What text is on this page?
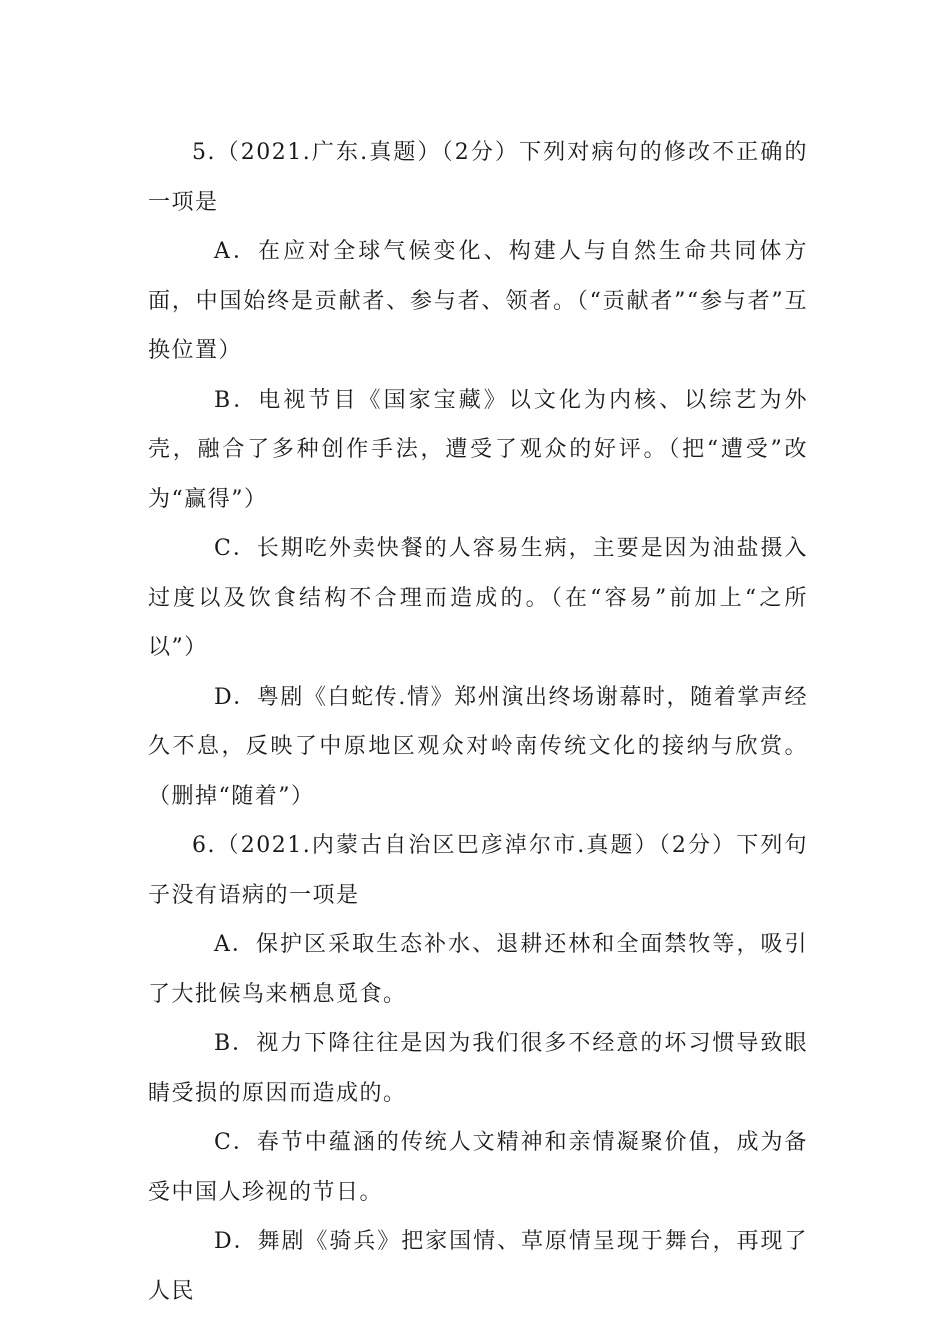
5.（2021.广东.真题）（2分）下列对病句的修改不正确的一项是

A．在应对全球气候变化、构建人与自然生命共同体方面，中国始终是贡献者、参与者、领者。（“贡献者”“参与者”互换位置）

B．电视节目《国家宝藏》以文化为内核、以综艺为外壳，融合了多种创作手法，遭受了观众的好评。（把“遭受”改为“赢得”）

C．长期吃外卖快餐的人容易生病，主要是因为油盐摄入过度以及饮食结构不合理而造成的。（在“容易”前加上“之所以”）

D．粤剧《白蛇传.情》郑州演出终场谢幕时，随着掌声经久不息，反映了中原地区观众对岭南传统文化的接纳与欣赏。（删掉“随着”）

6.（2021.内蒙古自治区巴彦淖尔市.真题）（2分）下列句子没有语病的一项是

A．保护区采取生态补水、退耕还林和全面禁牧等，吸引了大批候鸟来栖息觅食。

B．视力下降往往是因为我们很多不经意的坏习惯导致眼睛受损的原因而造成的。

C．春节中蕴涵的传统人文精神和亲情凝聚价值，成为备受中国人珍视的节日。

D．舞剧《骑兵》把家国情、草原情呈现于舞台，再现了人民
